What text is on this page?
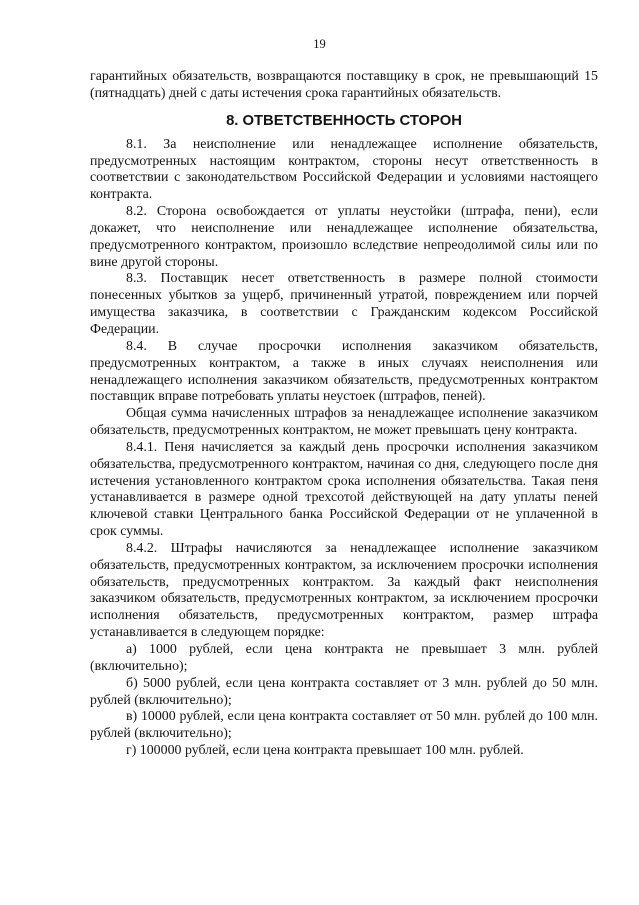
19

гарантийных обязательств, возвращаются поставщику в срок, не превышающий 15 (пятнадцать) дней с даты истечения срока гарантийных обязательств.

8. ОТВЕТСТВЕННОСТЬ СТОРОН

8.1. За неисполнение или ненадлежащее исполнение обязательств, предусмотренных настоящим контрактом, стороны несут ответственность в соответствии с законодательством Российской Федерации и условиями настоящего контракта.

8.2. Сторона освобождается от уплаты неустойки (штрафа, пени), если докажет, что неисполнение или ненадлежащее исполнение обязательства, предусмотренного контрактом, произошло вследствие непреодолимой силы или по вине другой стороны.

8.3. Поставщик несет ответственность в размере полной стоимости понесенных убытков за ущерб, причиненный утратой, повреждением или порчей имущества заказчика, в соответствии с Гражданским кодексом Российской Федерации.

8.4. В случае просрочки исполнения заказчиком обязательств, предусмотренных контрактом, а также в иных случаях неисполнения или ненадлежащего исполнения заказчиком обязательств, предусмотренных контрактом поставщик вправе потребовать уплаты неустоек (штрафов, пеней).

Общая сумма начисленных штрафов за ненадлежащее исполнение заказчиком обязательств, предусмотренных контрактом, не может превышать цену контракта.

8.4.1. Пеня начисляется за каждый день просрочки исполнения заказчиком обязательства, предусмотренного контрактом, начиная со дня, следующего после дня истечения установленного контрактом срока исполнения обязательства. Такая пеня устанавливается в размере одной трехсотой действующей на дату уплаты пеней ключевой ставки Центрального банка Российской Федерации от не уплаченной в срок суммы.

8.4.2. Штрафы начисляются за ненадлежащее исполнение заказчиком обязательств, предусмотренных контрактом, за исключением просрочки исполнения обязательств, предусмотренных контрактом. За каждый факт неисполнения заказчиком обязательств, предусмотренных контрактом, за исключением просрочки исполнения обязательств, предусмотренных контрактом, размер штрафа устанавливается в следующем порядке:

а) 1000 рублей, если цена контракта не превышает 3 млн. рублей (включительно);

б) 5000 рублей, если цена контракта составляет от 3 млн. рублей до 50 млн. рублей (включительно);

в) 10000 рублей, если цена контракта составляет от 50 млн. рублей до 100 млн. рублей (включительно);

г) 100000 рублей, если цена контракта превышает 100 млн. рублей.
